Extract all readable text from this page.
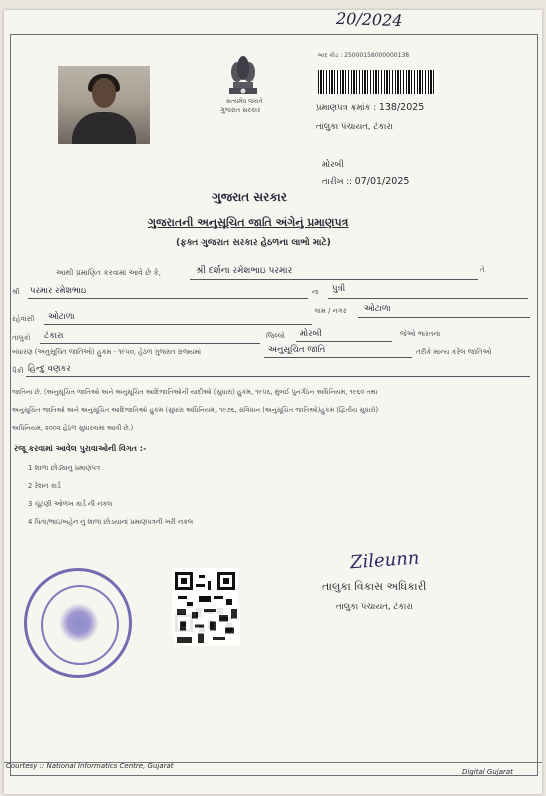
20/2024
સત્યમેવ જયતે
ગુજરાત સરકાર
બાર કોડ : 25000158000000138
પ્રમાણપત્ર ક્રમાંક : 138/2025
તાલુકા પંચાયત, ટંકારા
મોરબી
તારીખ :: 07/01/2025
ગુજરાત સરકાર
ગુજરાતની અનુસૂચિત જાતિ અંગેનું પ્રમાણપત્ર
(ફક્ત ગુજરાત સરકાર હેઠળના લાભો માટે)
આથી પ્રમાણિત કરવામાં આવે છે કે,	શ્રી દર્શના રમેશભાઇ પરમાર	તે
શ્રી પરમાર રમેશભાઇ	ના પુત્રી
ગામ / નગર ઓટાળા
રહેવાસી ઓટાળા
તાલુકો ટંકારા	જિલ્લો મોરબી	જેઓ ભારતના
બંધારણ (અનુસૂચિત જાતિઓ) હુકમ - ૧૯૫૦, હેઠળ ગુજરાત રાજ્યમાં	અનુસૂચિત જાતિ	તરીકે માન્ય કરેલ જાતિઓ
પૈકી હિન્દુ વણકર
જાતિના છે. (અનુસૂચિત જાતિઓ અને અનુસૂચિત આદિજાતિઓની યાદીઓ (સુધારા) હુકમ, ૧૯૫૬, મુંબઈ પુનર્ગઠન અધિનિયમ, ૧૯૬૦ તથા
અનુસૂચિત જાતિઓ અને અનુસૂચિત આદિજાતિઓ હુકમ (સુધારા અધિનિયમ, ૧૯૭૬, સંવિધાન (અનુસૂચિત જાતિઓ)હુકમ (દ્વિતીય સુધારો)
અધિનિયમ, ૨૦૦૨ હેઠળ સુધારવામાં આવી છે.)
રજૂ કરવામાં આવેલ પુરાવાઓની વિગત :-
1 શાળા છોડ્યાનુ પ્રમાણપત્ર
2 રેશન કાર્ડ
3 ચૂંટણી ઓળખ કાર્ડ ની નકલ
4 પિતા/ભાઇ/બહેન નું શાળા છોડયાનાં પ્રમાણપત્રની ખરી નકલ
Zileunn
તાલુકા વિકાસ અધિકારી
તાલુકા પંચાયત, ટંકારા
Courtesy :: National Informatics Centre, Gujarat
Digital Gujarat
